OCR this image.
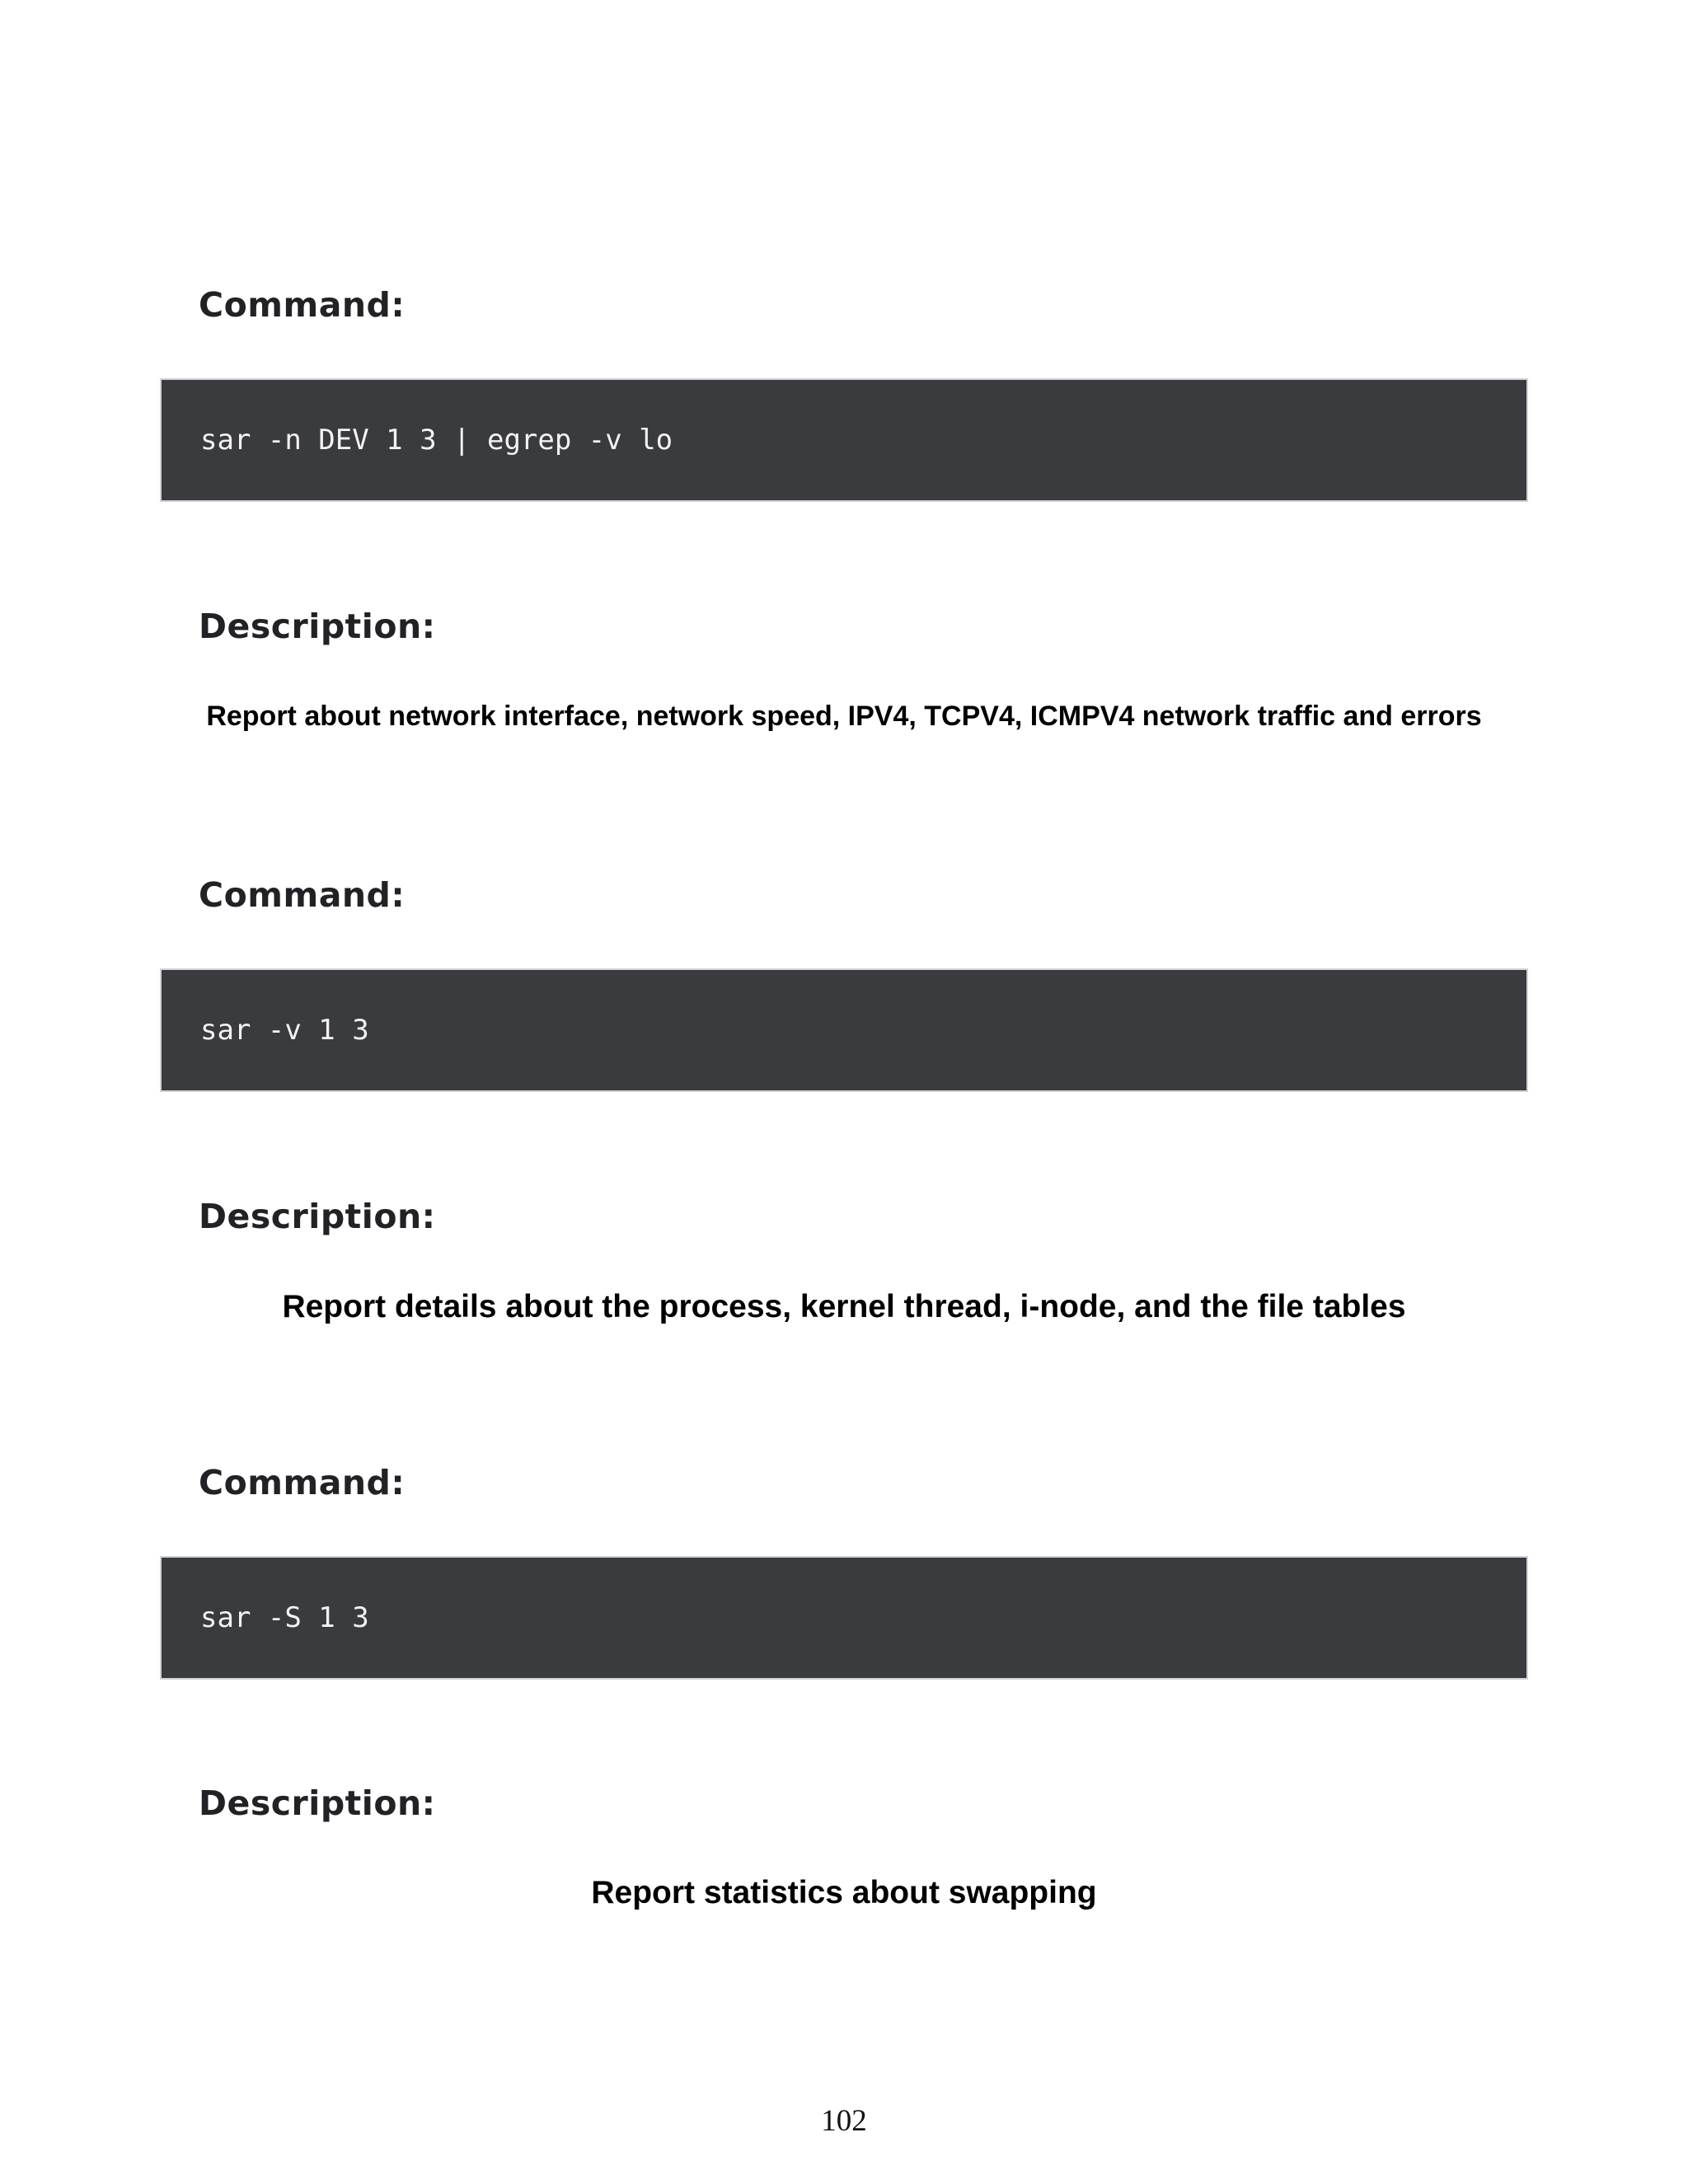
Command:
sar -n DEV 1 3 | egrep -v lo
Description:

Report about network interface, network speed, IPV4, TCPV4, ICMPV4 network traffic and errors

Command:
sar -v 1 3
Description:

Report details about the process, kernel thread, i-node, and the file tables

Command:
sar -S 1 3
Description:

Report statistics about swapping

102
